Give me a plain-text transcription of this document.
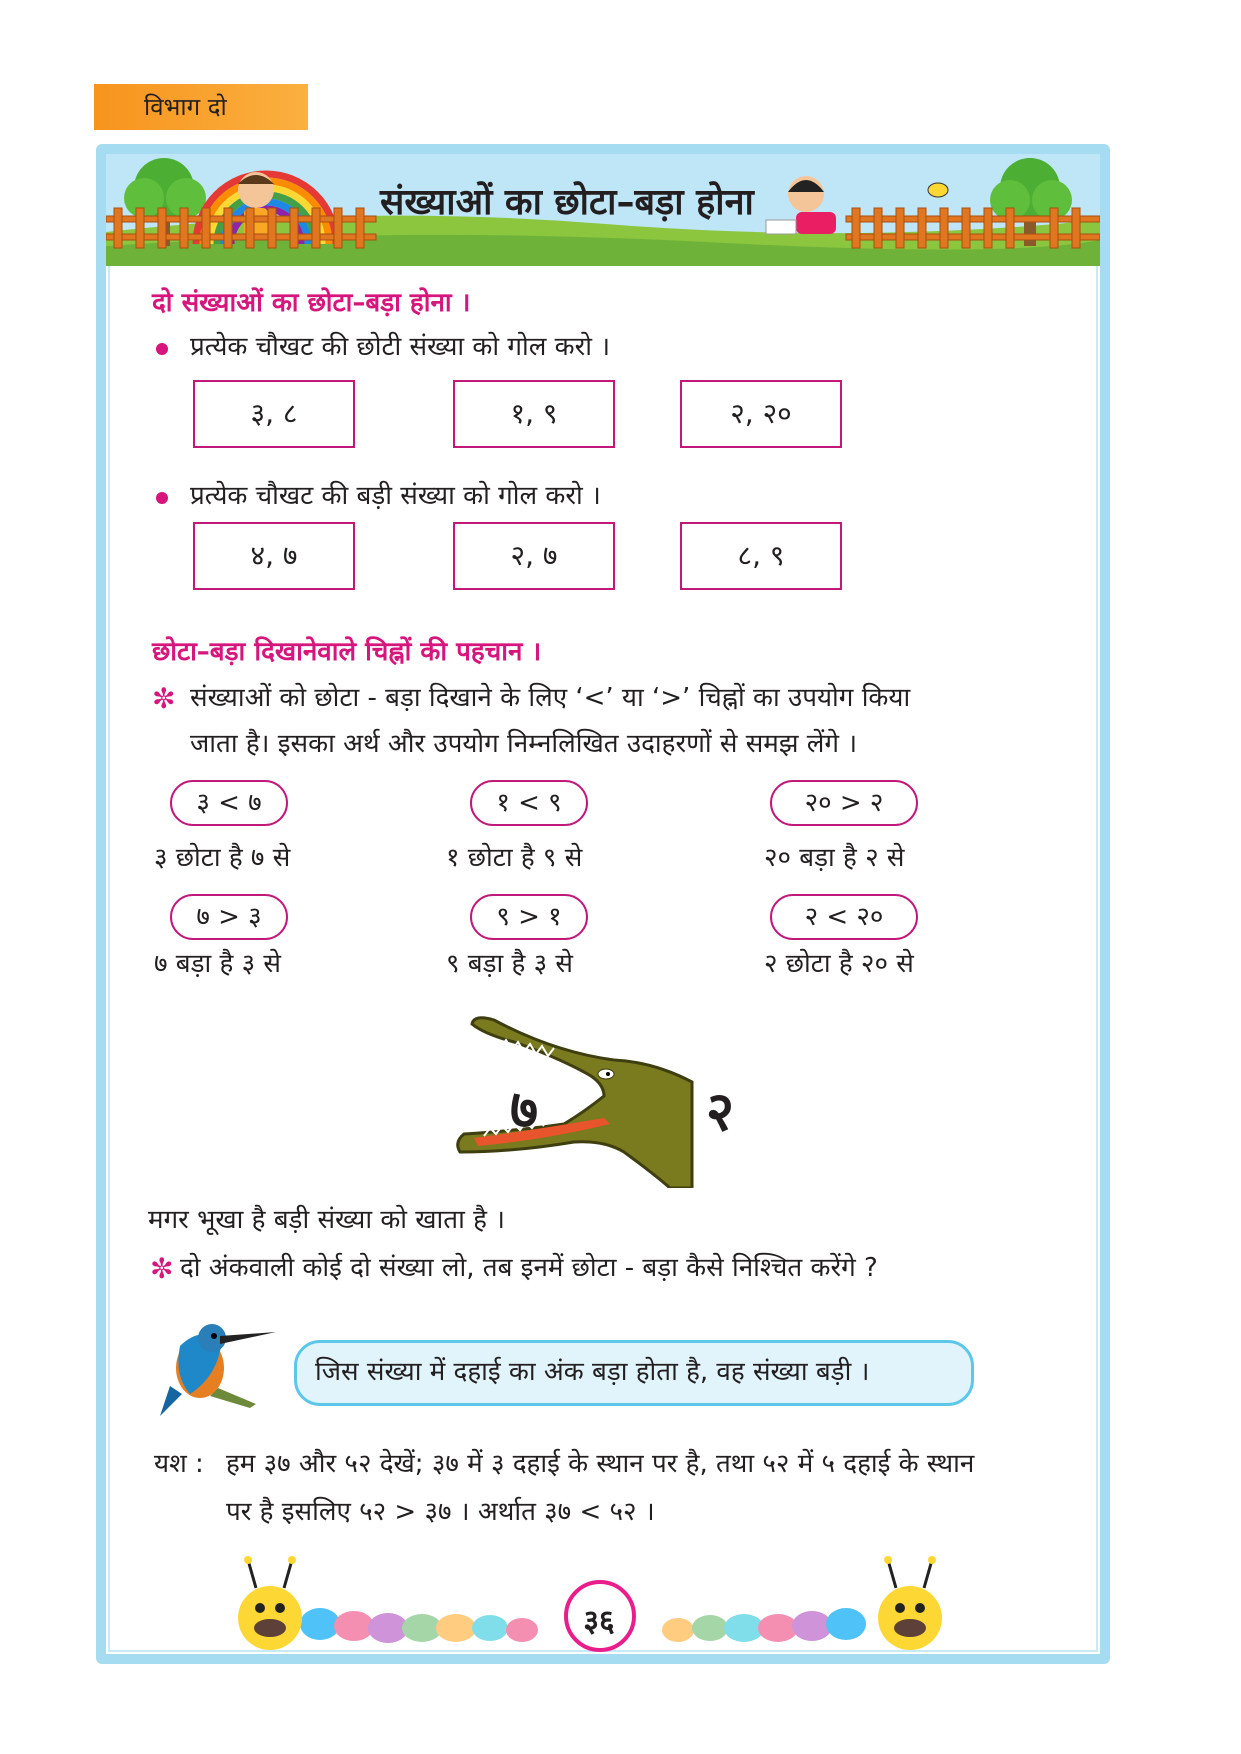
विभाग दो
संख्याओं का छोटा–बड़ा होना
दो संख्याओं का छोटा–बड़ा होना ।
प्रत्येक चौखट की छोटी संख्या को गोल करो ।
३, ८	१, ९	२, २०
प्रत्येक चौखट की बड़ी संख्या को गोल करो ।
४, ७	२, ७	८, ९
छोटा–बड़ा दिखानेवाले चिह्नों की पहचान ।
✼ संख्याओं को छोटा - बड़ा दिखाने के लिए ‘<’ या ‘>’ चिह्नों का उपयोग किया
जाता है। इसका अर्थ और उपयोग निम्नलिखित उदाहरणों से समझ लेंगे ।
३ < ७	१ < ९	२० > २
३ छोटा है ७ से	१ छोटा है ९ से	२० बड़ा है २ से
७ > ३	९ > १	२ < २०
७ बड़ा है ३ से	९ बड़ा है ३ से	२ छोटा है २० से
७	२
मगर भूखा है बड़ी संख्या को खाता है ।
✼ दो अंकवाली कोई दो संख्या लो, तब इनमें छोटा - बड़ा कैसे निश्चित करेंगे ?
जिस संख्या में दहाई का अंक बड़ा होता है, वह संख्या बड़ी ।
यश : हम ३७ और ५२ देखें; ३७ में ३ दहाई के स्थान पर है, तथा ५२ में ५ दहाई के स्थान
पर है इसलिए ५२ > ३७ । अर्थात ३७ < ५२ ।
३६
